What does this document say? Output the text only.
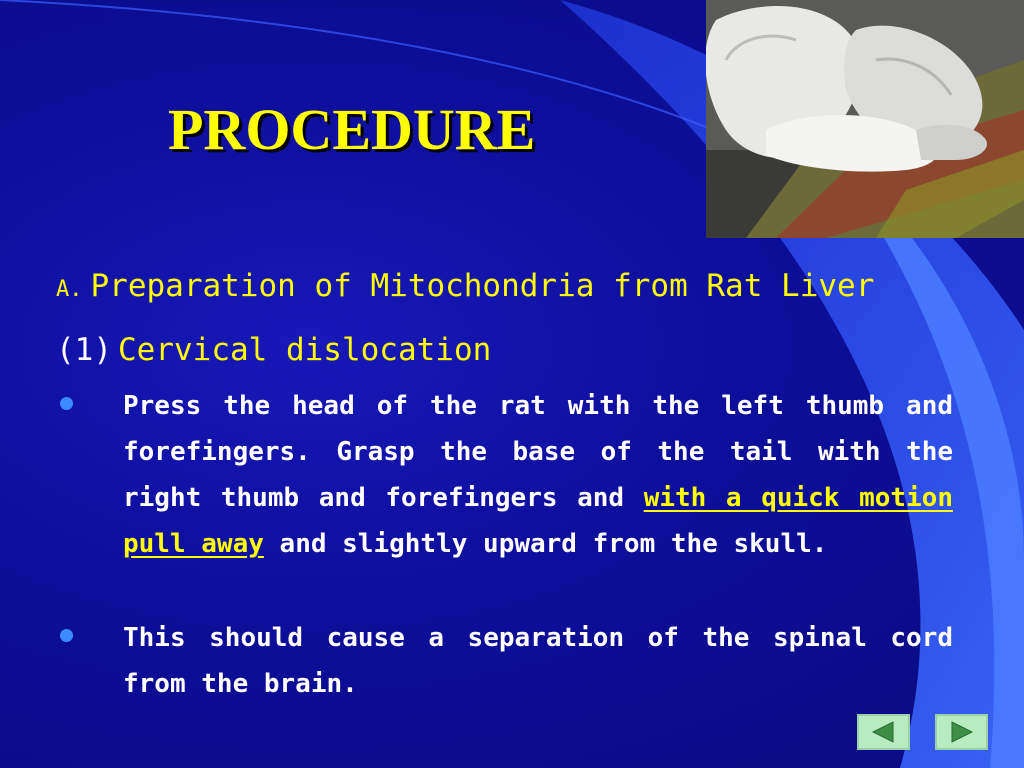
PROCEDURE
A. Preparation of Mitochondria from Rat Liver
(1) Cervical dislocation
Press the head of the rat with the left thumb and forefingers. Grasp the base of the tail with the right thumb and forefingers and with a quick motion pull away and slightly upward from the skull.
This should cause a separation of the spinal cord from the brain.
